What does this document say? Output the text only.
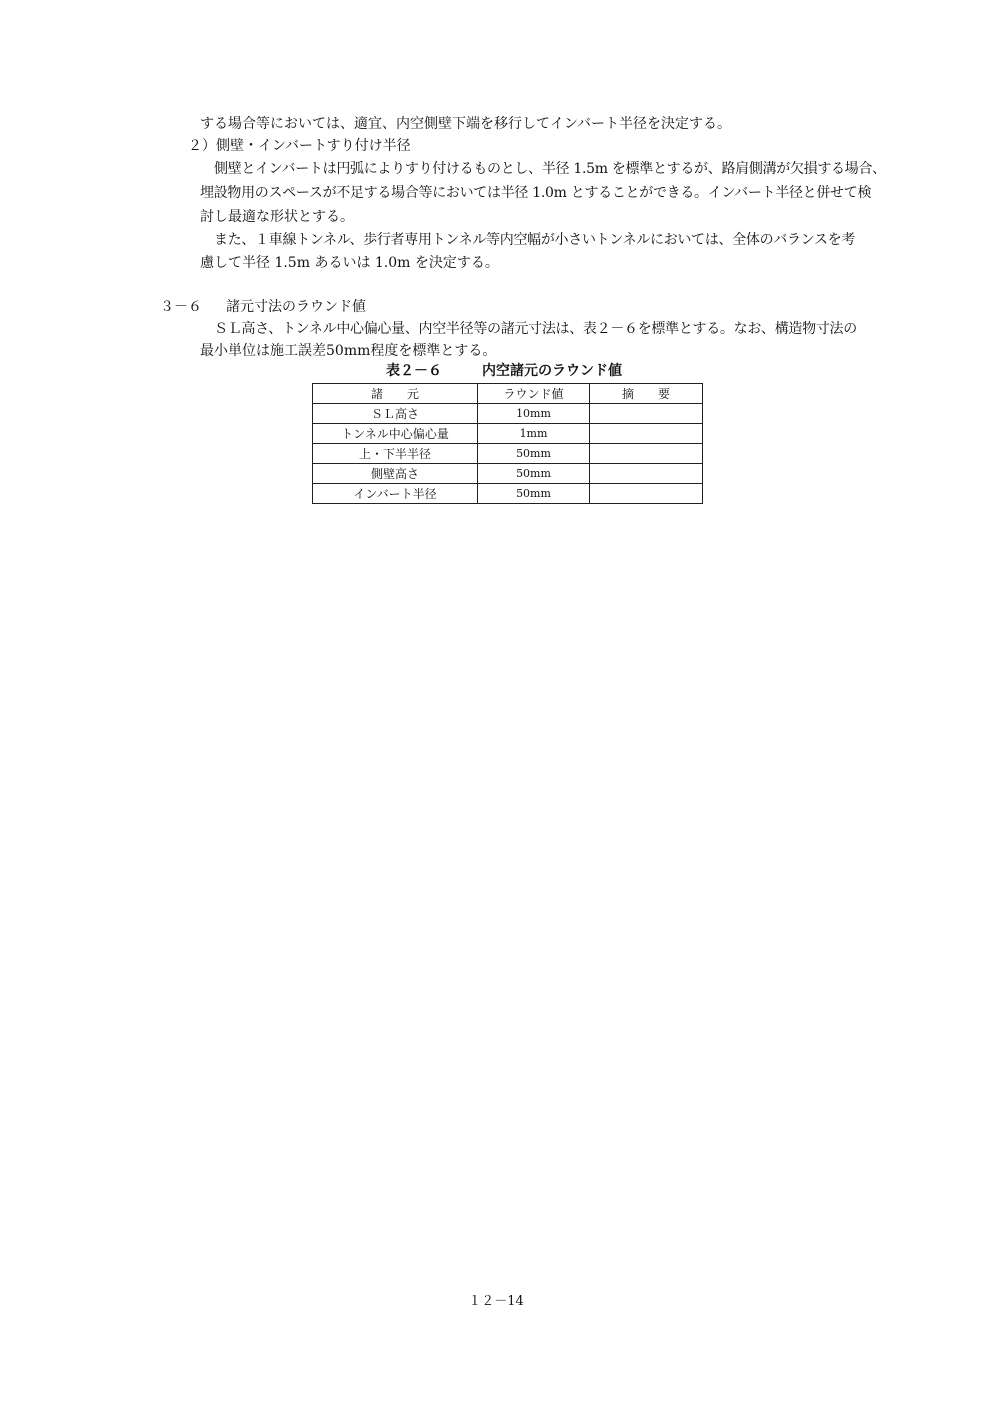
する場合等においては、適宜、内空側壁下端を移行してインバート半径を決定する。
２）側壁・インバートすり付け半径
側壁とインバートは円弧によりすり付けるものとし、半径 1.5m を標準とするが、路肩側溝が欠損する場合、
埋設物用のスペースが不足する場合等においては半径 1.0m とすることができる。インバート半径と併せて検
討し最適な形状とする。
また、１車線トンネル、歩行者専用トンネル等内空幅が小さいトンネルにおいては、全体のバランスを考
慮して半径 1.5m あるいは 1.0m を決定する。
３－６ 諸元寸法のラウンド値
ＳＬ高さ、トンネル中心偏心量、内空半径等の諸元寸法は、表２－６を標準とする。なお、構造物寸法の
最小単位は施工誤差50mm程度を標準とする。
表２－６	内空諸元のラウンド値
諸　　元	ラウンド値	摘　　要
ＳＬ高さ	10mm	
トンネル中心偏心量	1mm	
上・下半半径	50mm	
側壁高さ	50mm	
インバート半径	50mm	
１２－14
